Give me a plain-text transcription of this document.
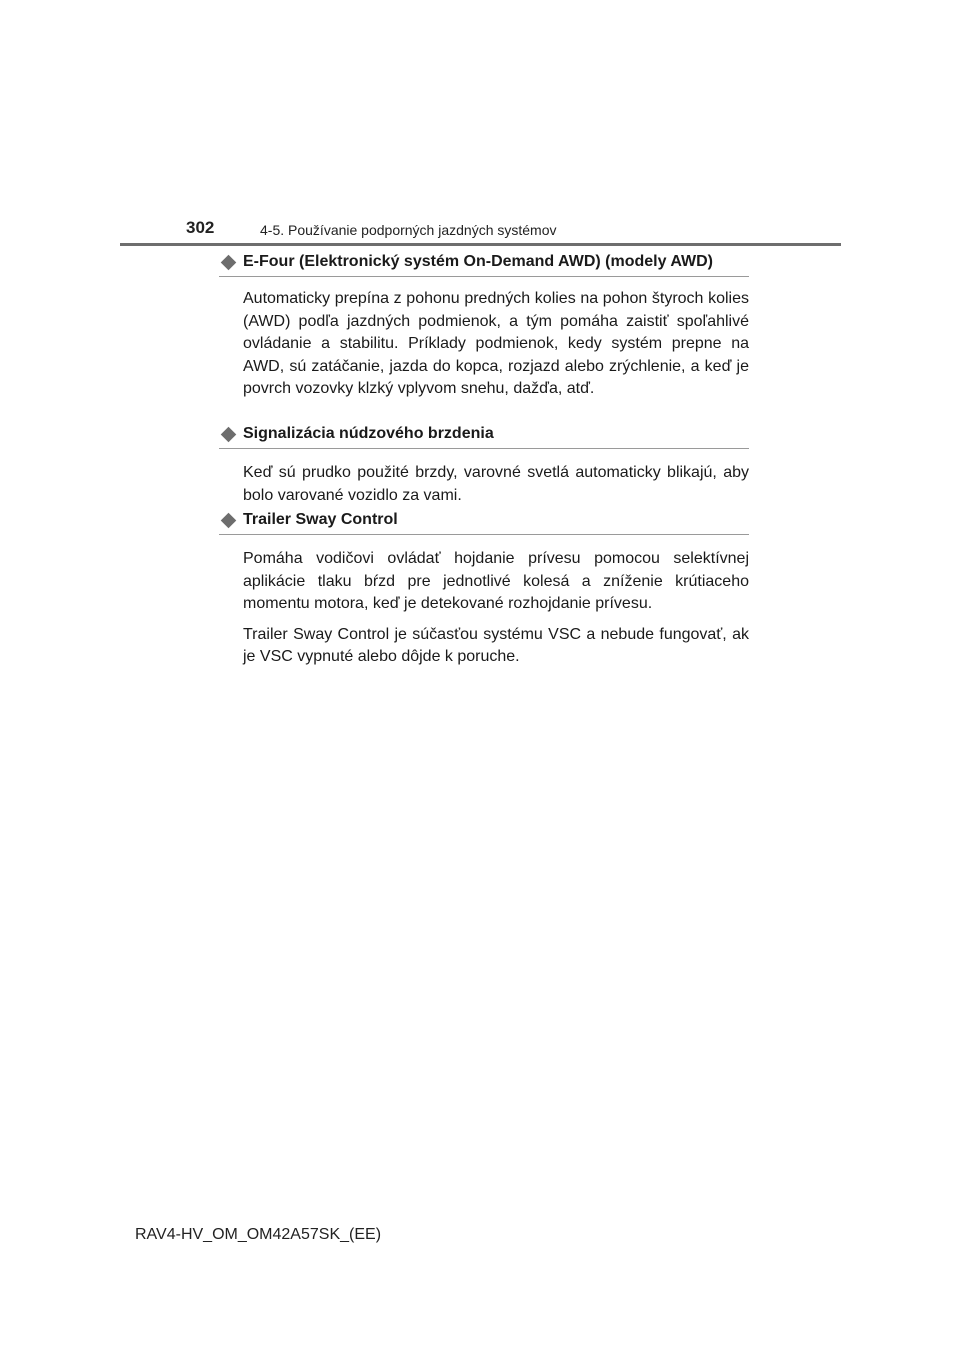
302	4-5. Používanie podporných jazdných systémov
E-Four (Elektronický systém On-Demand AWD) (modely AWD)

Automaticky prepína z pohonu predných kolies na pohon štyroch kolies (AWD) podľa jazdných podmienok, a tým pomáha zaistiť spoľahlivé ovládanie a stabilitu. Príklady podmienok, kedy systém prepne na AWD, sú zatáčanie, jazda do kopca, rozjazd alebo zrýchlenie, a keď je povrch vozovky klzký vplyvom snehu, dažďa, atď.

Signalizácia núdzového brzdenia

Keď sú prudko použité brzdy, varovné svetlá automaticky blikajú, aby bolo varované vozidlo za vami.

Trailer Sway Control

Pomáha vodičovi ovládať hojdanie prívesu pomocou selektívnej aplikácie tlaku bŕzd pre jednotlivé kolesá a zníženie krútiaceho momentu motora, keď je detekované rozhojdanie prívesu.

Trailer Sway Control je súčasťou systému VSC a nebude fungovať, ak je VSC vypnuté alebo dôjde k poruche.

RAV4-HV_OM_OM42A57SK_(EE)
